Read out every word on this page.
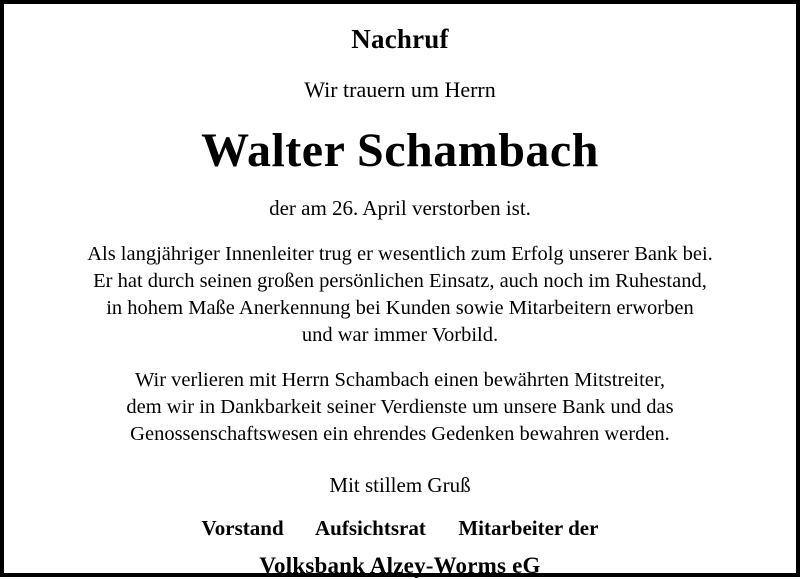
Nachruf
Wir trauern um Herrn
Walter Schambach
der am 26. April verstorben ist.
Als langjähriger Innenleiter trug er wesentlich zum Erfolg unserer Bank bei.
Er hat durch seinen großen persönlichen Einsatz, auch noch im Ruhestand,
in hohem Maße Anerkennung bei Kunden sowie Mitarbeitern erworben
und war immer Vorbild.
Wir verlieren mit Herrn Schambach einen bewährten Mitstreiter,
dem wir in Dankbarkeit seiner Verdienste um unsere Bank und das
Genossenschaftswesen ein ehrendes Gedenken bewahren werden.
Mit stillem Gruß
Vorstand Aufsichtsrat Mitarbeiter der
Volksbank Alzey-Worms eG
